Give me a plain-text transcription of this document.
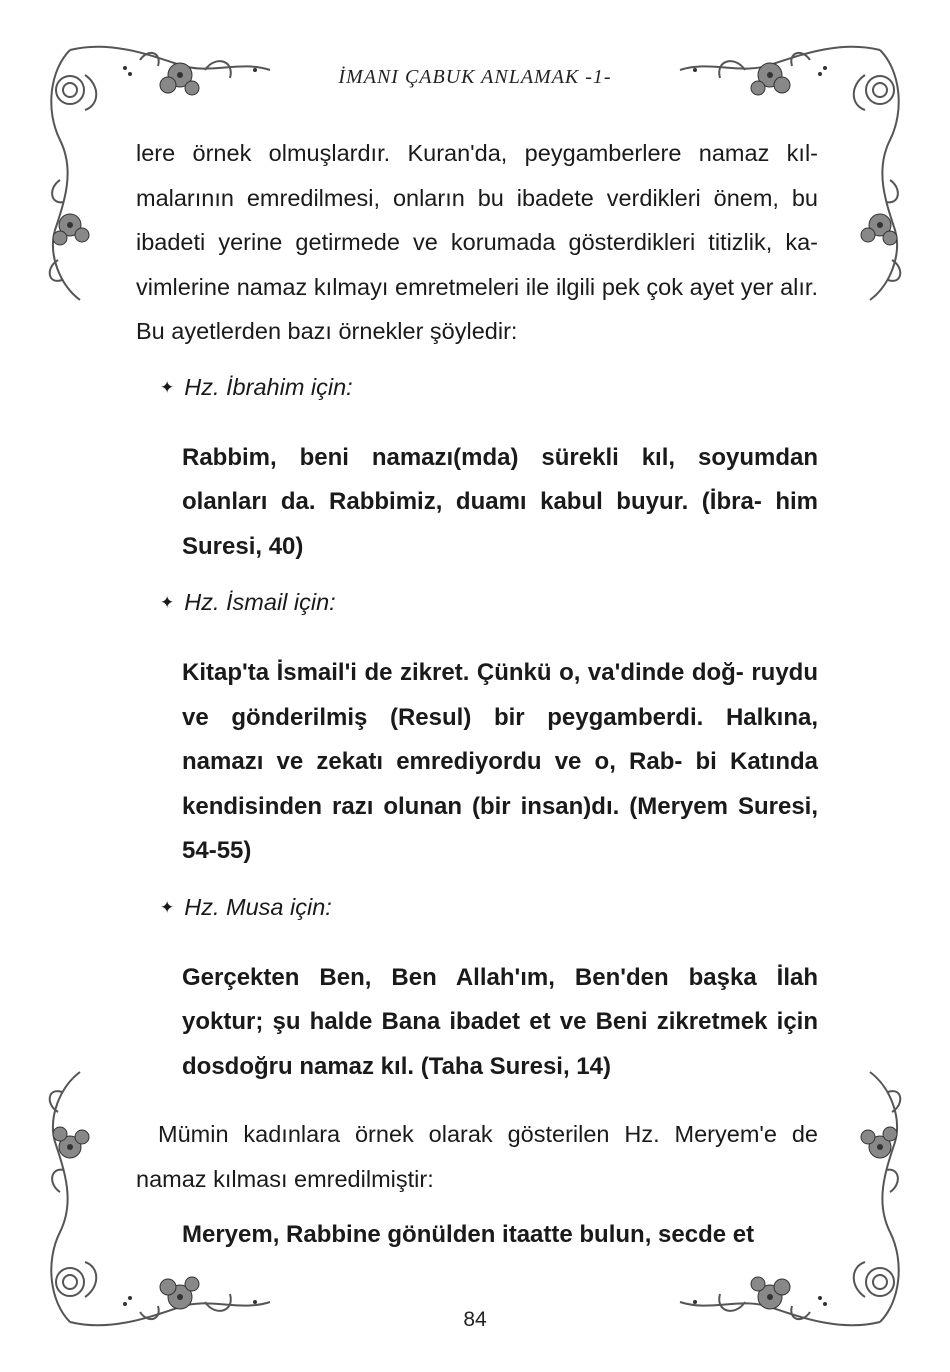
İMANI ÇABUK ANLAMAK -1-

lere örnek olmuşlardır. Kuran'da, peygamberlere namaz kıl- malarının emredilmesi, onların bu ibadete verdikleri önem, bu ibadeti yerine getirmede ve korumada gösterdikleri titizlik, ka- vimlerine namaz kılmayı emretmeleri ile ilgili pek çok ayet yer alır. Bu ayetlerden bazı örnekler şöyledir:

✦ Hz. İbrahim için:

Rabbim, beni namazı(mda) sürekli kıl, soyumdan olanları da. Rabbimiz, duamı kabul buyur. (İbra- him Suresi, 40)

✦ Hz. İsmail için:

Kitap'ta İsmail'i de zikret. Çünkü o, va'dinde doğ- ruydu ve gönderilmiş (Resul) bir peygamberdi. Halkına, namazı ve zekatı emrediyordu ve o, Rab- bi Katında kendisinden razı olunan (bir insan)dı. (Meryem Suresi, 54-55)

✦ Hz. Musa için:

Gerçekten Ben, Ben Allah'ım, Ben'den başka İlah yoktur; şu halde Bana ibadet et ve Beni zikretmek için dosdoğru namaz kıl. (Taha Suresi, 14)

Mümin kadınlara örnek olarak gösterilen Hz. Meryem'e de namaz kılması emredilmiştir:

Meryem, Rabbine gönülden itaatte bulun, secde et

84
